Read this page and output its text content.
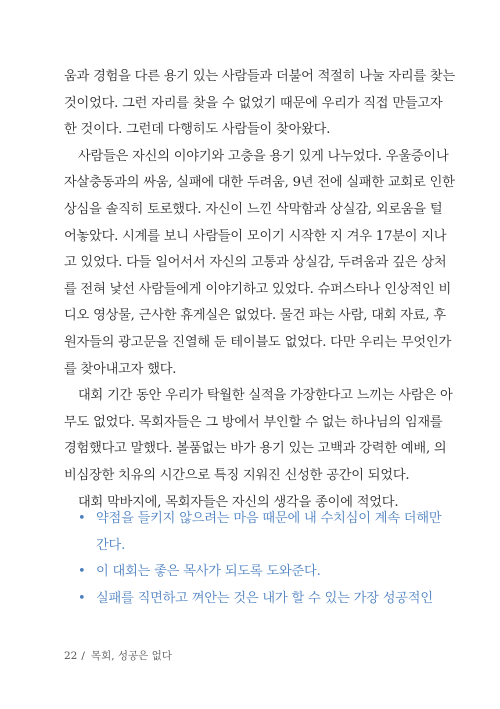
움과 경험을 다른 용기 있는 사람들과 더불어 적절히 나눌 자리를 찾는
것이었다. 그런 자리를 찾을 수 없었기 때문에 우리가 직접 만들고자
한 것이다. 그런데 다행히도 사람들이 찾아왔다.

사람들은 자신의 이야기와 고충을 용기 있게 나누었다. 우울증이나
자살충동과의 싸움, 실패에 대한 두려움, 9년 전에 실패한 교회로 인한
상심을 솔직히 토로했다. 자신이 느낀 삭막함과 상실감, 외로움을 털
어놓았다. 시계를 보니 사람들이 모이기 시작한 지 겨우 17분이 지나
고 있었다. 다들 일어서서 자신의 고통과 상실감, 두려움과 깊은 상처
를 전혀 낯선 사람들에게 이야기하고 있었다. 슈퍼스타나 인상적인 비
디오 영상물, 근사한 휴게실은 없었다. 물건 파는 사람, 대회 자료, 후
원자들의 광고문을 진열해 둔 테이블도 없었다. 다만 우리는 무엇인가
를 찾아내고자 했다.

대회 기간 동안 우리가 탁월한 실적을 가장한다고 느끼는 사람은 아
무도 없었다. 목회자들은 그 방에서 부인할 수 없는 하나님의 임재를
경험했다고 말했다. 볼품없는 바가 용기 있는 고백과 강력한 예배, 의
비심장한 치유의 시간으로 특징 지워진 신성한 공간이 되었다.

대회 막바지에, 목회자들은 자신의 생각을 종이에 적었다.

• 약점을 들키지 않으려는 마음 때문에 내 수치심이 계속 더해만
간다.
• 이 대회는 좋은 목사가 되도록 도와준다.
• 실패를 직면하고 껴안는 것은 내가 할 수 있는 가장 성공적인
22 / 목회, 성공은 없다
